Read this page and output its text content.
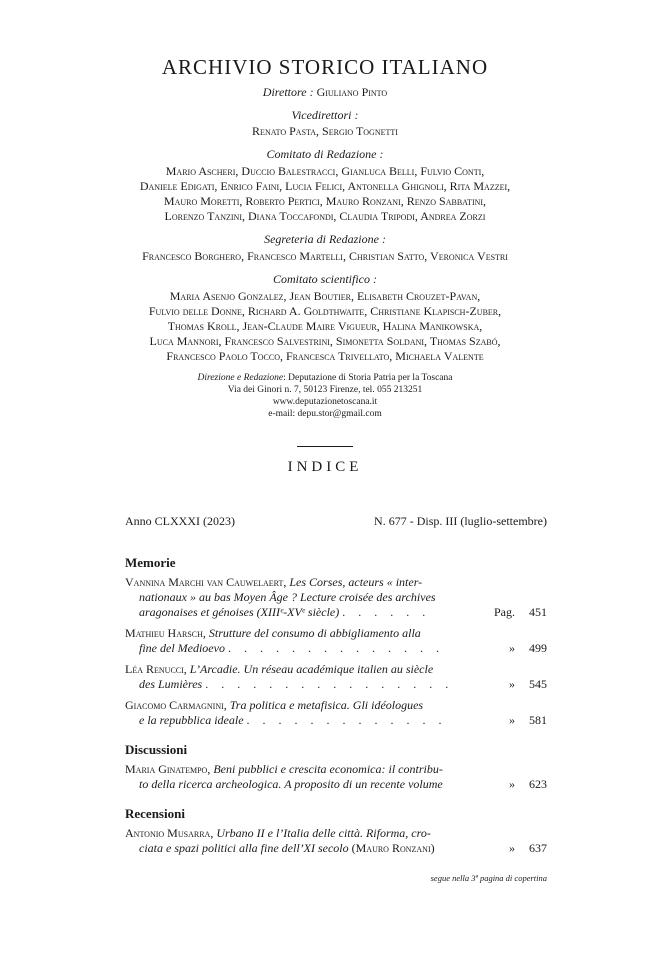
ARCHIVIO STORICO ITALIANO
Direttore : Giuliano Pinto
Vicedirettori :
Renato Pasta, Sergio Tognetti
Comitato di Redazione :
Mario Ascheri, Duccio Balestracci, Gianluca Belli, Fulvio Conti,
Daniele Edigati, Enrico Faini, Lucia Felici, Antonella Ghignoli, Rita Mazzei,
Mauro Moretti, Roberto Pertici, Mauro Ronzani, Renzo Sabbatini,
Lorenzo Tanzini, Diana Toccafondi, Claudia Tripodi, Andrea Zorzi
Segreteria di Redazione :
Francesco Borghero, Francesco Martelli, Christian Satto, Veronica Vestri
Comitato scientifico :
Maria Asenjo Gonzalez, Jean Boutier, Elisabeth Crouzet-Pavan,
Fulvio delle Donne, Richard A. Goldthwaite, Christiane Klapisch-Zuber,
Thomas Kroll, Jean-Claude Maire Vigueur, Halina Manikowska,
Luca Mannori, Francesco Salvestrini, Simonetta Soldani, Thomas Szabó,
Francesco Paolo Tocco, Francesca Trivellato, Michaela Valente
Direzione e Redazione: Deputazione di Storia Patria per la Toscana
Via dei Ginori n. 7, 50123 Firenze, tel. 055 213251
www.deputazionetoscana.it
e-mail: depu.stor@gmail.com
INDICE
Anno CLXXXI (2023)	N. 677 - Disp. III (luglio-settembre)
Memorie
Vannina Marchi van Cauwelaert, Les Corses, acteurs « inter-
nationaux » au bas Moyen Âge ? Lecture croisée des archives
aragonaises et génoises (XIIIᵉ-XVᵉ siècle) . . . . . .	Pag. 451
Mathieu Harsch, Strutture del consumo di abbigliamento alla
fine del Medioevo . . . . . . . . . . . . . .	» 499
Léa Renucci, L’Arcadie. Un réseau académique italien au siècle
des Lumières . . . . . . . . . . . . . . . .	» 545
Giacomo Carmagnini, Tra politica e metafisica. Gli idéologues
e la repubblica ideale . . . . . . . . . . . . .	» 581
Discussioni
Maria Ginatempo, Beni pubblici e crescita economica: il contribu-
to della ricerca archeologica. A proposito di un recente volume	» 623
Recensioni
Antonio Musarra, Urbano II e l’Italia delle città. Riforma, cro-
ciata e spazi politici alla fine dell’XI secolo (Mauro Ronzani)	» 637
segue nella 3ª pagina di copertina
